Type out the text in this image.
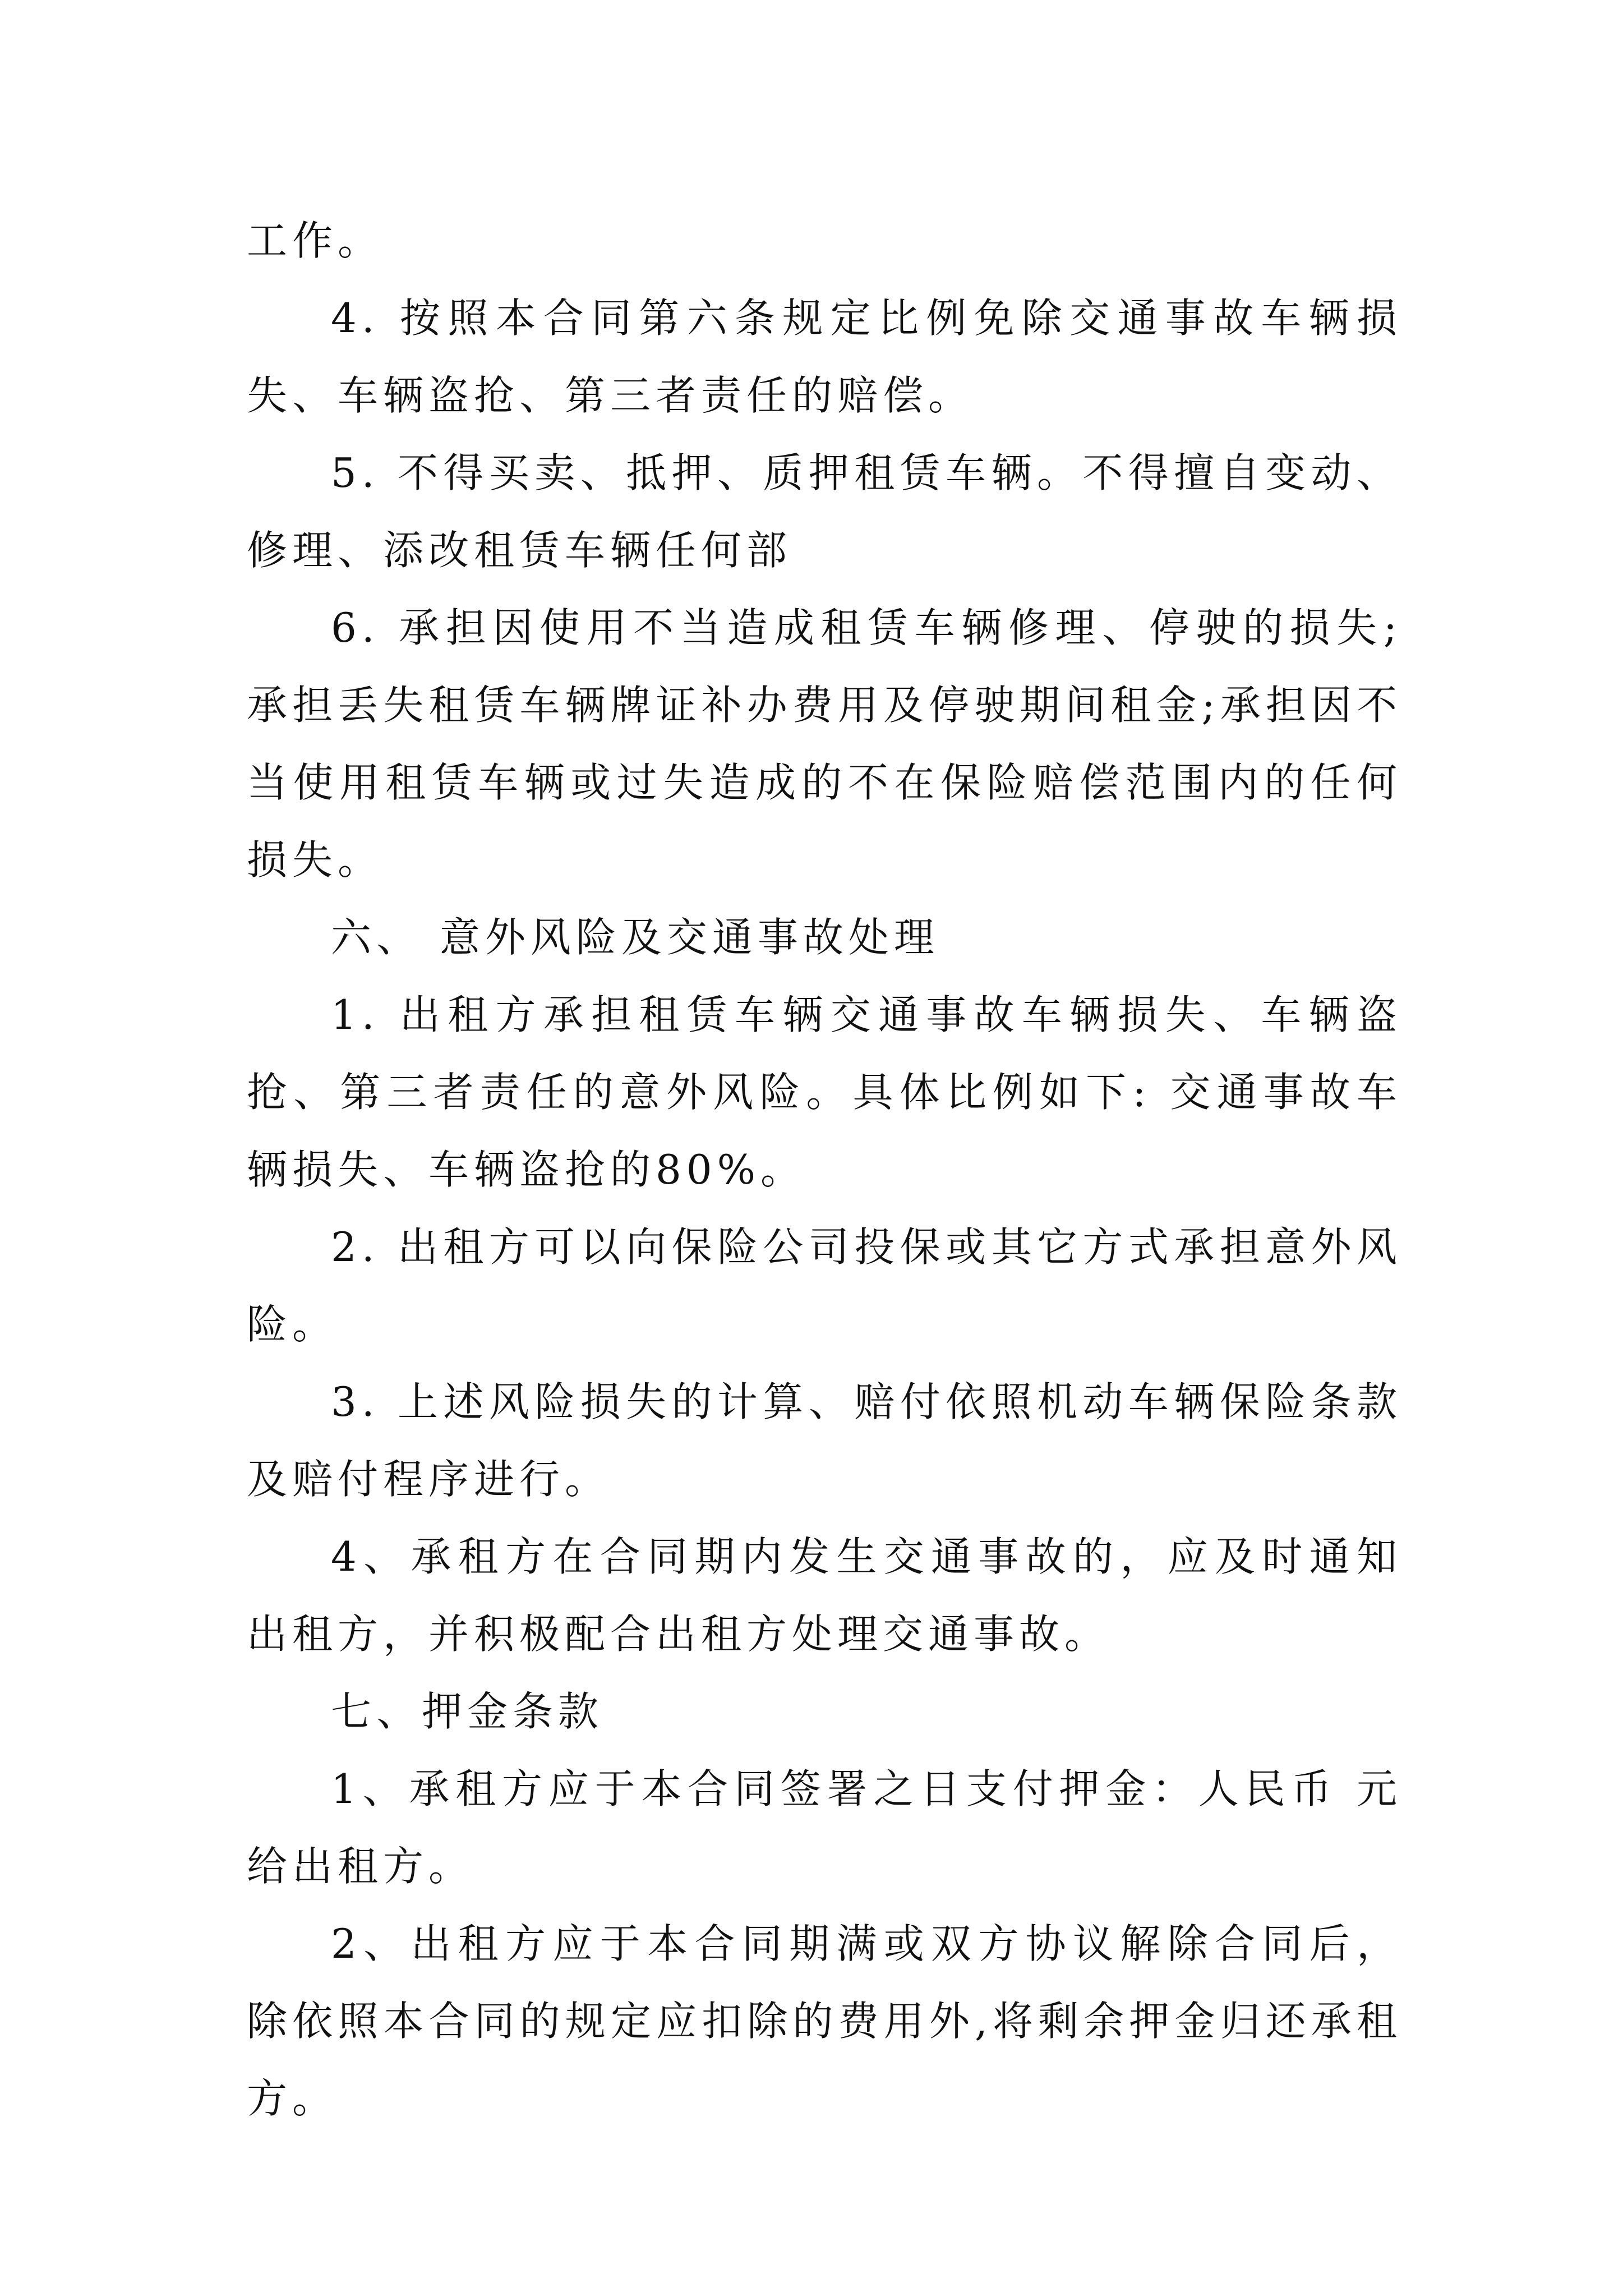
工作。

4. 按照本合同第六条规定比例免除交通事故车辆损失、车辆盗抢、第三者责任的赔偿。

5. 不得买卖、抵押、质押租赁车辆。不得擅自变动、修理、添改租赁车辆任何部

6. 承担因使用不当造成租赁车辆修理、停驶的损失;承担丢失租赁车辆牌证补办费用及停驶期间租金;承担因不当使用租赁车辆或过失造成的不在保险赔偿范围内的任何损失。

六、 意外风险及交通事故处理

1. 出租方承担租赁车辆交通事故车辆损失、车辆盗抢、第三者责任的意外风险。具体比例如下: 交通事故车辆损失、车辆盗抢的80%。

2. 出租方可以向保险公司投保或其它方式承担意外风险。

3. 上述风险损失的计算、赔付依照机动车辆保险条款及赔付程序进行。

4、承租方在合同期内发生交通事故的，应及时通知出租方，并积极配合出租方处理交通事故。

七、押金条款

1、承租方应于本合同签署之日支付押金：人民币 元给出租方。

2、出租方应于本合同期满或双方协议解除合同后，除依照本合同的规定应扣除的费用外,将剩余押金归还承租方。
